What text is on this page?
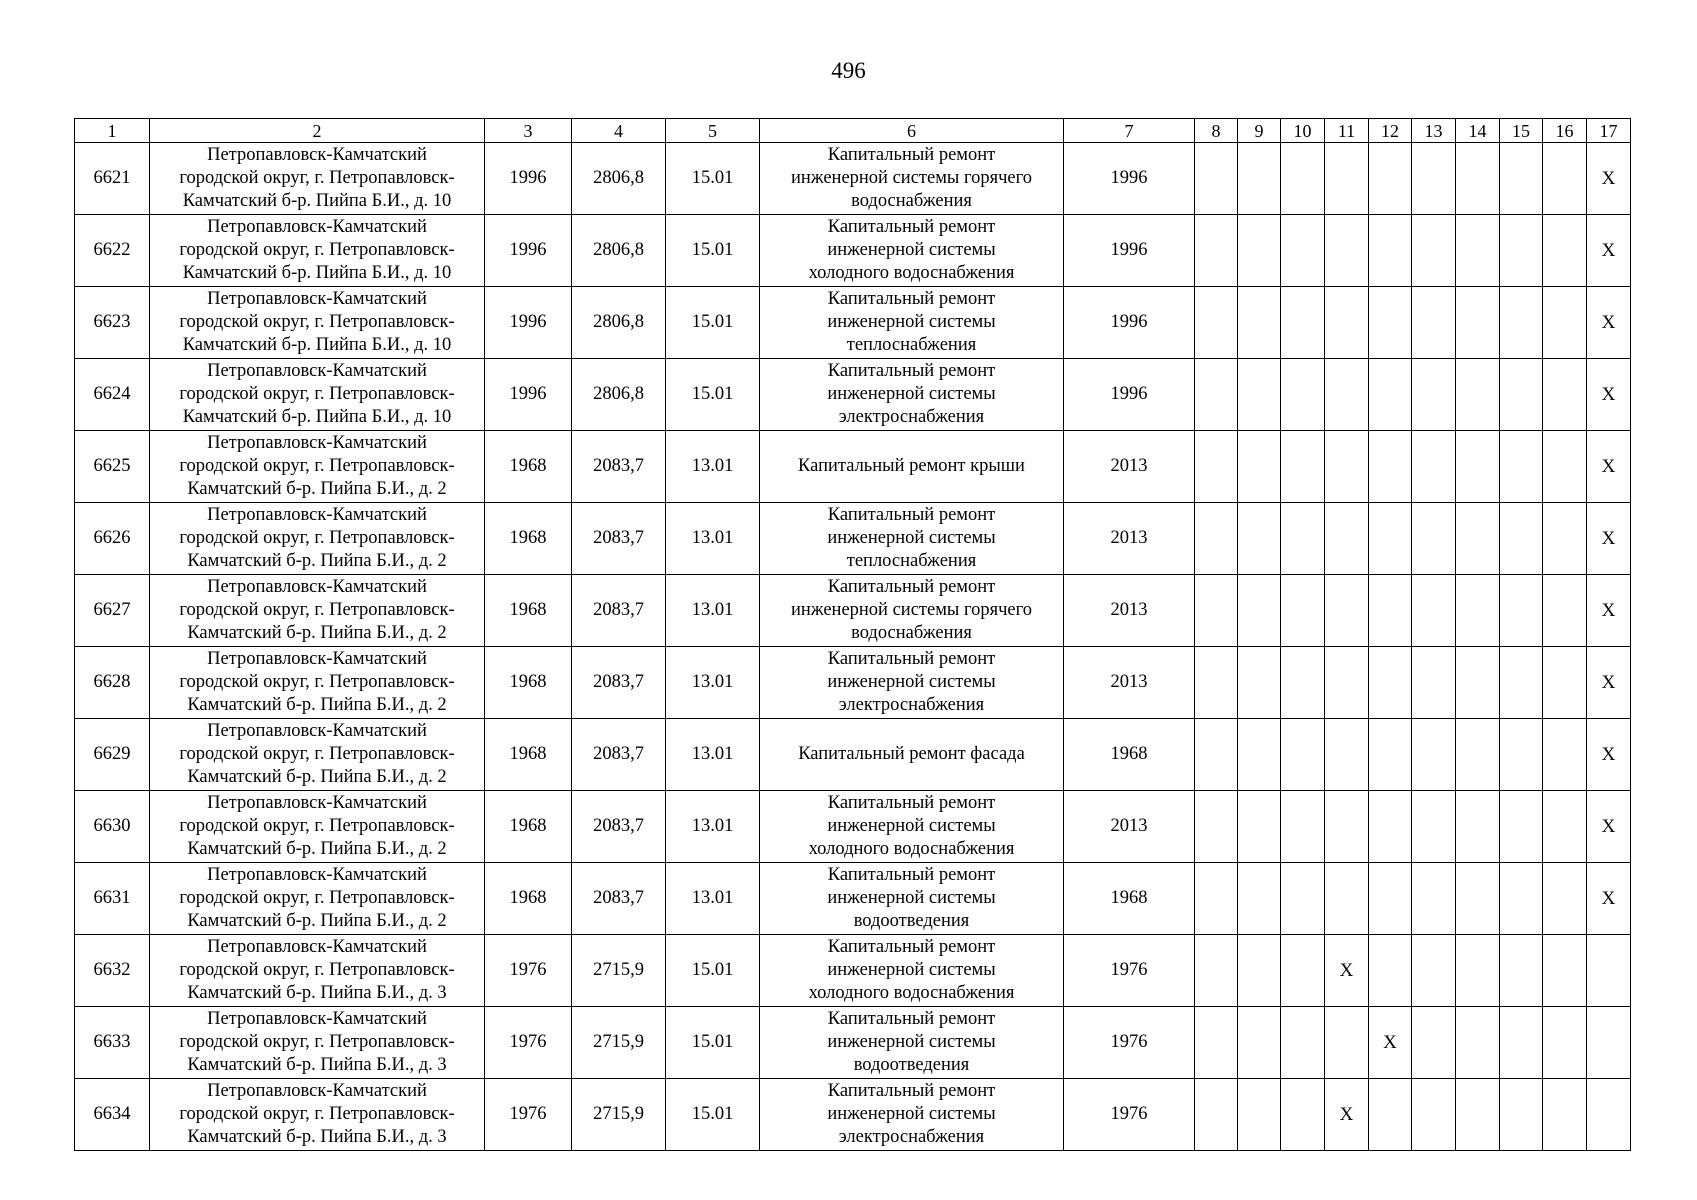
496
1	2	3	4	5	6	7	8	9	10	11	12	13	14	15	16	17
6621	Петропавловск-Камчатский
городской округ, г. Петропавловск-
Камчатский б-р. Пийпа Б.И., д. 10	1996	2806,8	15.01	Капитальный ремонт
инженерной системы горячего
водоснабжения	1996										X
6622	Петропавловск-Камчатский
городской округ, г. Петропавловск-
Камчатский б-р. Пийпа Б.И., д. 10	1996	2806,8	15.01	Капитальный ремонт
инженерной системы
холодного водоснабжения	1996										X
6623	Петропавловск-Камчатский
городской округ, г. Петропавловск-
Камчатский б-р. Пийпа Б.И., д. 10	1996	2806,8	15.01	Капитальный ремонт
инженерной системы
теплоснабжения	1996										X
6624	Петропавловск-Камчатский
городской округ, г. Петропавловск-
Камчатский б-р. Пийпа Б.И., д. 10	1996	2806,8	15.01	Капитальный ремонт
инженерной системы
электроснабжения	1996										X
6625	Петропавловск-Камчатский
городской округ, г. Петропавловск-
Камчатский б-р. Пийпа Б.И., д. 2	1968	2083,7	13.01	Капитальный ремонт крыши	2013										X
6626	Петропавловск-Камчатский
городской округ, г. Петропавловск-
Камчатский б-р. Пийпа Б.И., д. 2	1968	2083,7	13.01	Капитальный ремонт
инженерной системы
теплоснабжения	2013										X
6627	Петропавловск-Камчатский
городской округ, г. Петропавловск-
Камчатский б-р. Пийпа Б.И., д. 2	1968	2083,7	13.01	Капитальный ремонт
инженерной системы горячего
водоснабжения	2013										X
6628	Петропавловск-Камчатский
городской округ, г. Петропавловск-
Камчатский б-р. Пийпа Б.И., д. 2	1968	2083,7	13.01	Капитальный ремонт
инженерной системы
электроснабжения	2013										X
6629	Петропавловск-Камчатский
городской округ, г. Петропавловск-
Камчатский б-р. Пийпа Б.И., д. 2	1968	2083,7	13.01	Капитальный ремонт фасада	1968										X
6630	Петропавловск-Камчатский
городской округ, г. Петропавловск-
Камчатский б-р. Пийпа Б.И., д. 2	1968	2083,7	13.01	Капитальный ремонт
инженерной системы
холодного водоснабжения	2013										X
6631	Петропавловск-Камчатский
городской округ, г. Петропавловск-
Камчатский б-р. Пийпа Б.И., д. 2	1968	2083,7	13.01	Капитальный ремонт
инженерной системы
водоотведения	1968										X
6632	Петропавловск-Камчатский
городской округ, г. Петропавловск-
Камчатский б-р. Пийпа Б.И., д. 3	1976	2715,9	15.01	Капитальный ремонт
инженерной системы
холодного водоснабжения	1976				X						
6633	Петропавловск-Камчатский
городской округ, г. Петропавловск-
Камчатский б-р. Пийпа Б.И., д. 3	1976	2715,9	15.01	Капитальный ремонт
инженерной системы
водоотведения	1976					X					
6634	Петропавловск-Камчатский
городской округ, г. Петропавловск-
Камчатский б-р. Пийпа Б.И., д. 3	1976	2715,9	15.01	Капитальный ремонт
инженерной системы
электроснабжения	1976				X						
